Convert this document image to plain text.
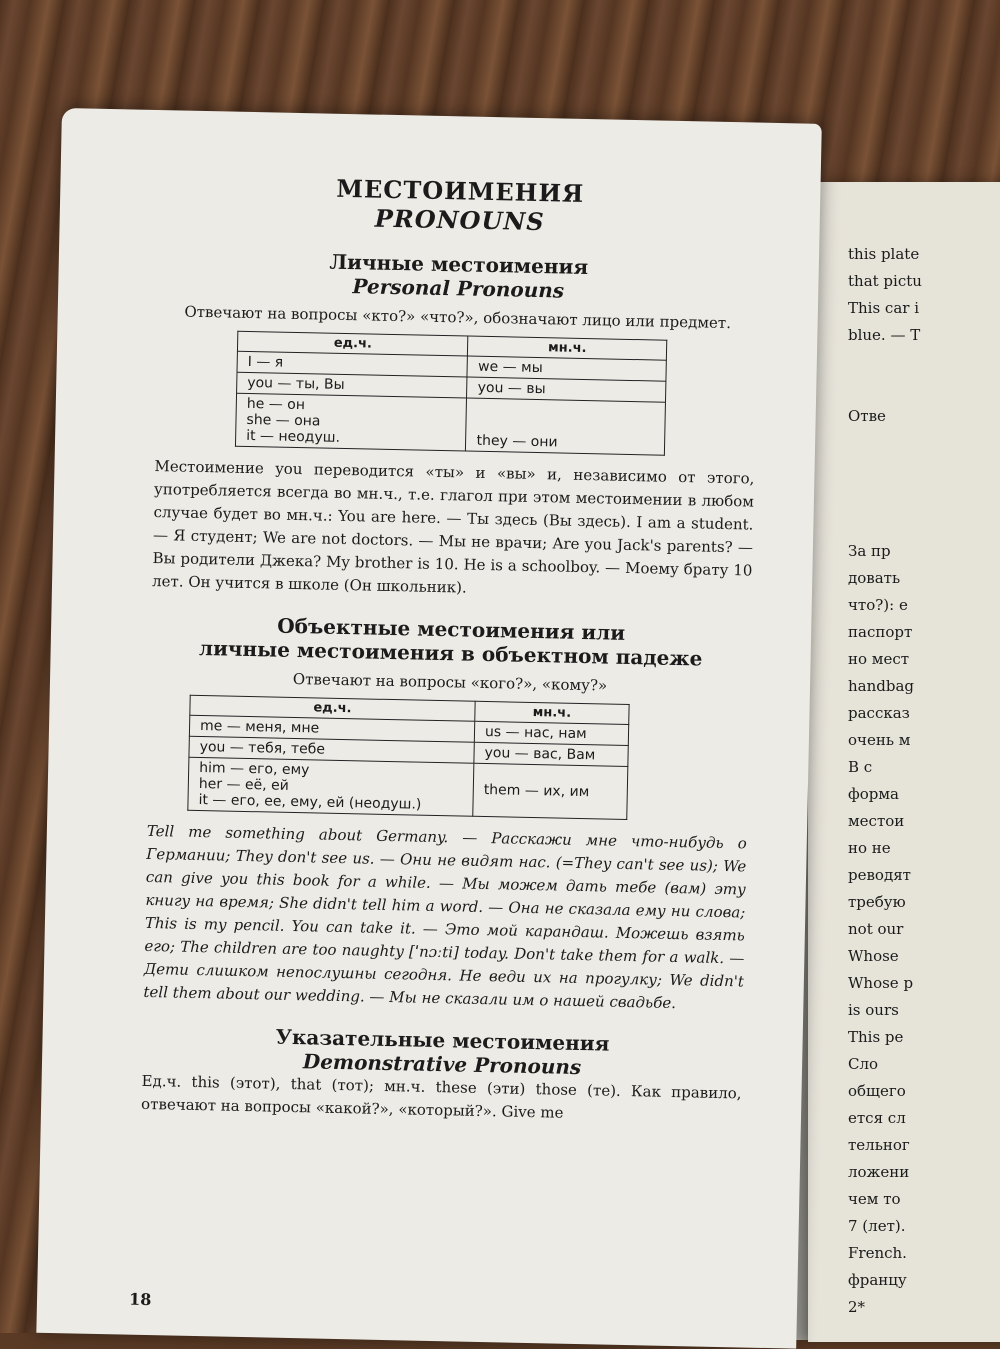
this plate
that pictu
This car i
blue. — T
Отве
За пр
довать
что?): е
паспорт
но мест
handbag
рассказ
очень м
В с
форма
местои
но не
реводят
требую
not our
Whose
Whose p
is ours
This pe
Сло
общего
ется сл
тельног
ложени
чем то
7 (лет).
French.
францу
2*
МЕСТОИМЕНИЯ
PRONOUNS
Личные местоимения
Personal Pronouns

Отвечают на вопросы «кто?» «что?», обозначают лицо или предмет.

ед.ч.	мн.ч.
I — я	we — мы
you — ты, Вы	you — вы

he — он
she — она
it — неодуш.	they — они

Местоимение you переводится «ты» и «вы» и, независимо от этого, употребляется всегда во мн.ч., т.е. глагол при этом местоимении в любом случае будет во мн.ч.: You are here. — Ты здесь (Вы здесь). I am a student. — Я студент; We are not doctors. — Мы не врачи; Are you Jack's parents? — Вы родители Джека? My brother is 10. He is a schoolboy. — Моему брату 10 лет. Он учится в школе (Он школьник).

Объектные местоимения или
личные местоимения в объектном падеже

Отвечают на вопросы «кого?», «кому?»

ед.ч.	мн.ч.
me — меня, мне	us — нас, нам
you — тебя, тебе	you — вас, Вам

him — его, ему
her — её, ей
it — его, ее, ему, ей (неодуш.)	them — их, им

Tell me something about Germany. — Расскажи мне что-нибудь о Германии; They don't see us. — Они не видят нас. (=They can't see us); We can give you this book for a while. — Мы можем дать тебе (вам) эту книгу на время; She didn't tell him a word. — Она не сказала ему ни слова; This is my pencil. You can take it. — Это мой карандаш. Можешь взять его; The children are too naughty [ˈnɔːti] today. Don't take them for a walk. — Дети слишком непослушны сегодня. Не веди их на прогулку; We didn't tell them about our wedding. — Мы не сказали им о нашей свадьбе.

Указательные местоимения
Demonstrative Pronouns

Ед.ч. this (этот), that (тот); мн.ч. these (эти) those (те). Как правило, отвечают на вопросы «какой?», «который?». Give me

18
